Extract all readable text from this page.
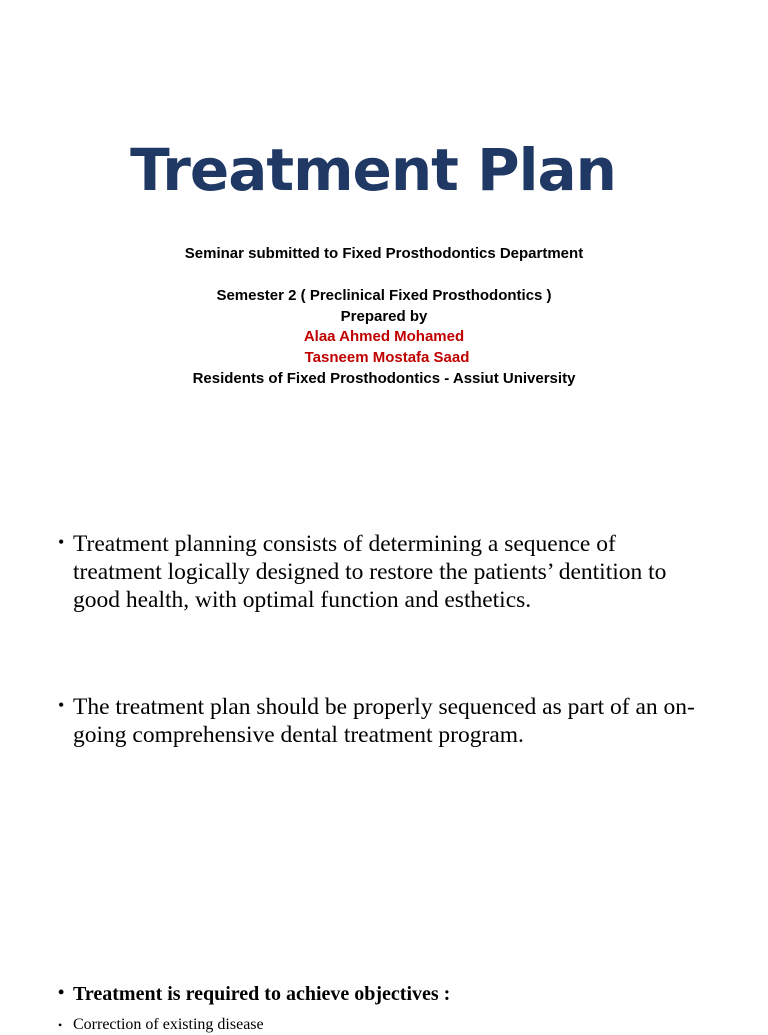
Treatment Plan

Seminar submitted to Fixed Prosthodontics Department

Semester 2 ( Preclinical Fixed Prosthodontics )

Prepared by

Alaa Ahmed Mohamed

Tasneem Mostafa Saad

Residents of Fixed Prosthodontics - Assiut University

• Treatment planning consists of determining a sequence of treatment logically designed to restore the patients’ dentition to good health, with optimal function and esthetics.
• The treatment plan should be properly sequenced as part of an on-going comprehensive dental treatment program.
• Treatment is required to achieve objectives :
• Correction of existing disease
